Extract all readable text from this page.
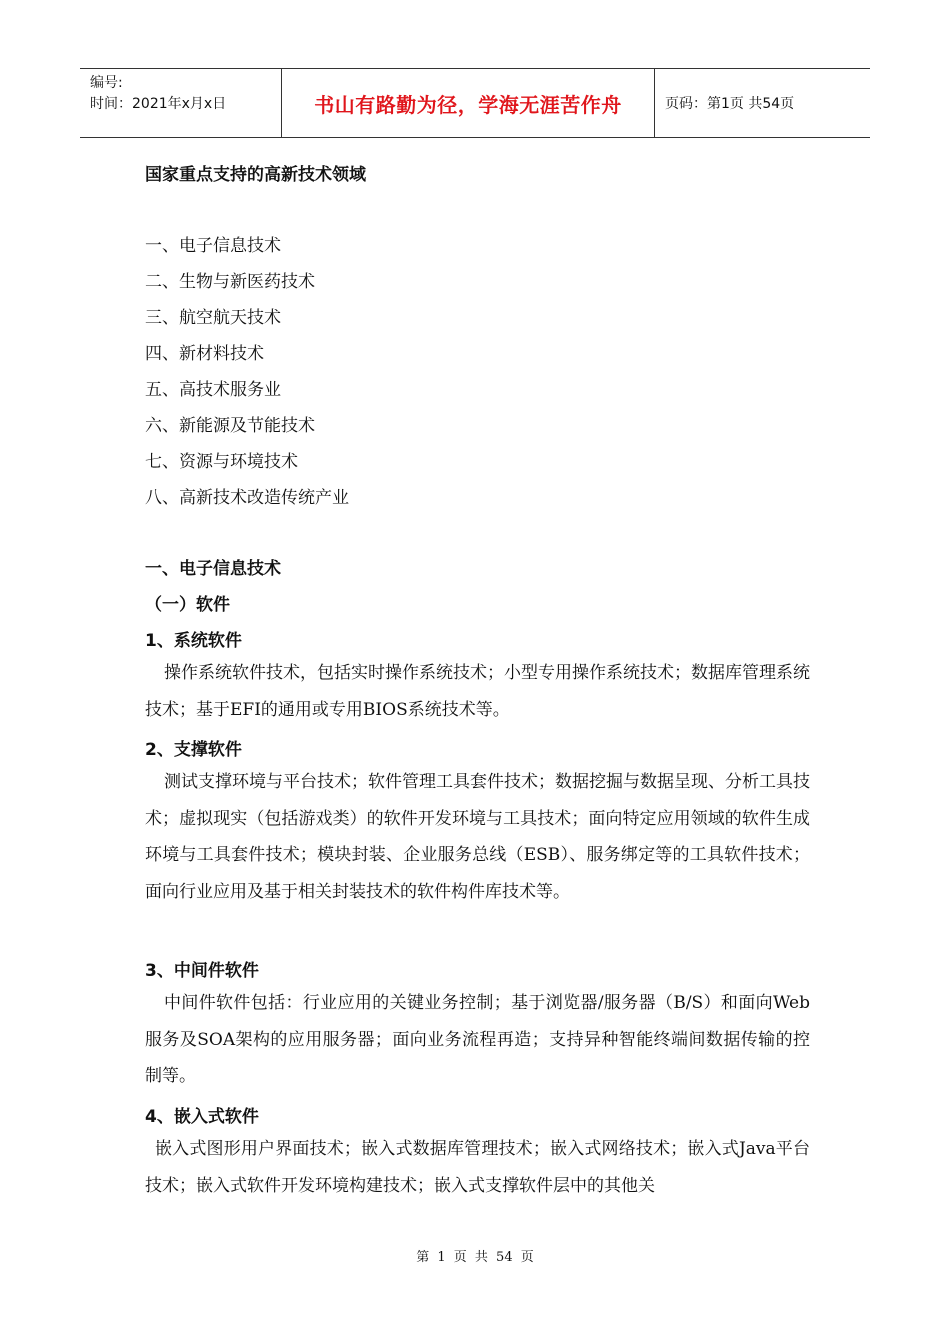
编号:
时间：2021年x月x日	书山有路勤为径，学海无涯苦作舟	页码：第1页 共54页
国家重点支持的高新技术领域
一、电子信息技术
二、生物与新医药技术
三、航空航天技术
四、新材料技术
五、高技术服务业
六、新能源及节能技术
七、资源与环境技术
八、高新技术改造传统产业
一、电子信息技术
（一）软件
1、系统软件
操作系统软件技术，包括实时操作系统技术；小型专用操作系统技术；数据库管理系统技术；基于EFI的通用或专用BIOS系统技术等。
2、支撑软件
测试支撑环境与平台技术；软件管理工具套件技术；数据挖掘与数据呈现、分析工具技术；虚拟现实（包括游戏类）的软件开发环境与工具技术；面向特定应用领域的软件生成环境与工具套件技术；模块封装、企业服务总线（ESB）、服务绑定等的工具软件技术；面向行业应用及基于相关封装技术的软件构件库技术等。
3、中间件软件
中间件软件包括：行业应用的关键业务控制；基于浏览器/服务器（B/S）和面向Web服务及SOA架构的应用服务器；面向业务流程再造；支持异种智能终端间数据传输的控制等。
4、嵌入式软件
嵌入式图形用户界面技术；嵌入式数据库管理技术；嵌入式网络技术；嵌入式Java平台技术；嵌入式软件开发环境构建技术；嵌入式支撑软件层中的其他关
第 1 页 共 54 页
